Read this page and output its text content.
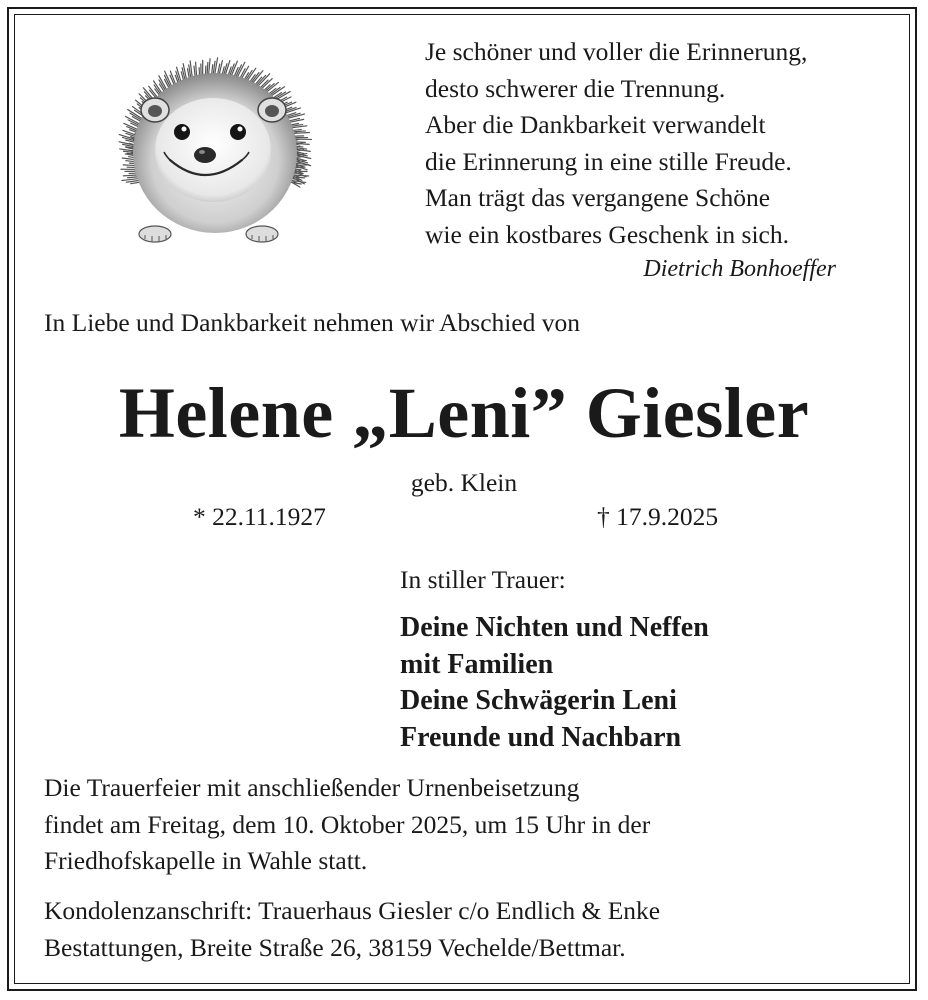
Je schöner und voller die Erinnerung,
desto schwerer die Trennung.
Aber die Dankbarkeit verwandelt
die Erinnerung in eine stille Freude.
Man trägt das vergangene Schöne
wie ein kostbares Geschenk in sich.
Dietrich Bonhoeffer
In Liebe und Dankbarkeit nehmen wir Abschied von
Helene „Leni” Giesler
geb. Klein
* 22.11.1927	† 17.9.2025
In stiller Trauer:
Deine Nichten und Neffen
mit Familien
Deine Schwägerin Leni
Freunde und Nachbarn
Die Trauerfeier mit anschließender Urnenbeisetzung
findet am Freitag, dem 10. Oktober 2025, um 15 Uhr in der
Friedhofskapelle in Wahle statt.
Kondolenzanschrift: Trauerhaus Giesler c/o Endlich & Enke
Bestattungen, Breite Straße 26, 38159 Vechelde/Bettmar.
